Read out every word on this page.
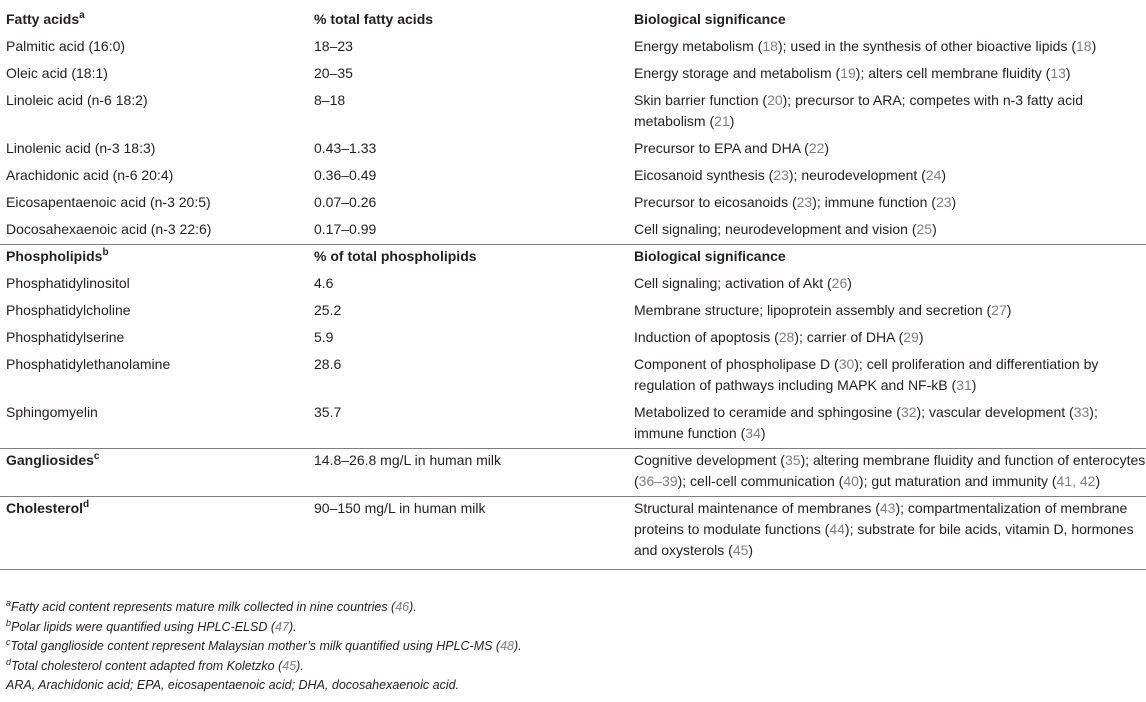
Fatty acids$^a$	% total fatty acids	Biological significance
Palmitic acid (16:0)	18–23	Energy metabolism (18); used in the synthesis of other bioactive lipids (18)
Oleic acid (18:1)	20–35	Energy storage and metabolism (19); alters cell membrane fluidity (13)
Linoleic acid (n-6 18:2)	8–18	Skin barrier function (20); precursor to ARA; competes with n-3 fatty acid metabolism (21)
Linolenic acid (n-3 18:3)	0.43–1.33	Precursor to EPA and DHA (22)
Arachidonic acid (n-6 20:4)	0.36–0.49	Eicosanoid synthesis (23); neurodevelopment (24)
Eicosapentaenoic acid (n-3 20:5)	0.07–0.26	Precursor to eicosanoids (23); immune function (23)
Docosahexaenoic acid (n-3 22:6)	0.17–0.99	Cell signaling; neurodevelopment and vision (25)
Phospholipids$^b$	% of total phospholipids	Biological significance
Phosphatidylinositol	4.6	Cell signaling; activation of Akt (26)
Phosphatidylcholine	25.2	Membrane structure; lipoprotein assembly and secretion (27)
Phosphatidylserine	5.9	Induction of apoptosis (28); carrier of DHA (29)
Phosphatidylethanolamine	28.6	Component of phospholipase D (30); cell proliferation and differentiation by regulation of pathways including MAPK and NF-kB (31)
Sphingomyelin	35.7	Metabolized to ceramide and sphingosine (32); vascular development (33); immune function (34)
Gangliosides$^c$	14.8–26.8 mg/L in human milk	Cognitive development (35); altering membrane fluidity and function of enterocytes (36–39); cell-cell communication (40); gut maturation and immunity (41, 42)
Cholesterol$^d$	90–150 mg/L in human milk	Structural maintenance of membranes (43); compartmentalization of membrane proteins to modulate functions (44); substrate for bile acids, vitamin D, hormones and oxysterols (45)
$^a$Fatty acid content represents mature milk collected in nine countries (46).
$^b$Polar lipids were quantified using HPLC-ELSD (47).
$^c$Total ganglioside content represent Malaysian mother’s milk quantified using HPLC-MS (48).
$^d$Total cholesterol content adapted from Koletzko (45).
ARA, Arachidonic acid; EPA, eicosapentaenoic acid; DHA, docosahexaenoic acid.
